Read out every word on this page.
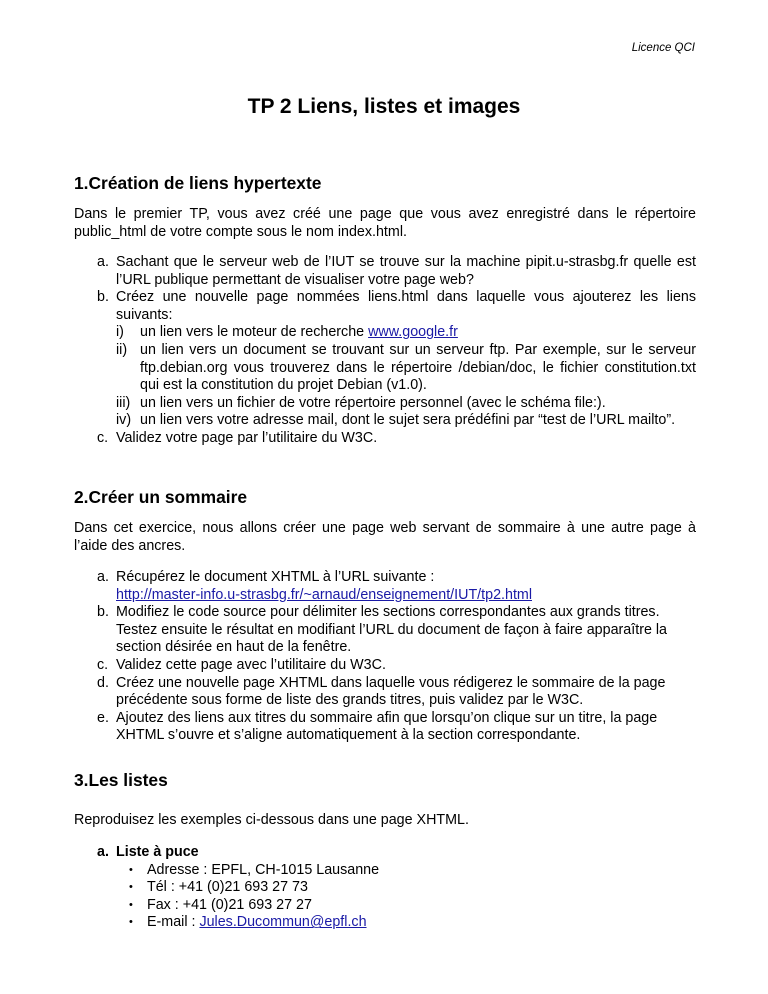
Licence QCI
TP 2 Liens, listes et images
1.Création de liens hypertexte
Dans le premier TP, vous avez créé une page que vous avez enregistré dans le répertoire public_html de votre compte sous le nom index.html.
a. Sachant que le serveur web de l’IUT se trouve sur la machine pipit.u-strasbg.fr quelle est l’URL publique permettant de visualiser votre page web?
b. Créez une nouvelle page nommées liens.html dans laquelle vous ajouterez les liens suivants:
i) un lien vers le moteur de recherche www.google.fr
ii) un lien vers un document se trouvant sur un serveur ftp. Par exemple, sur le serveur ftp.debian.org vous trouverez dans le répertoire /debian/doc, le fichier constitution.txt qui est la constitution du projet Debian (v1.0).
iii) un lien vers un fichier de votre répertoire personnel (avec le schéma file:).
iv) un lien vers votre adresse mail, dont le sujet sera prédéfini par “test de l’URL mailto”.
c. Validez votre page par l’utilitaire du W3C.
2.Créer un sommaire
Dans cet exercice, nous allons créer une page web servant de sommaire à une autre page à l’aide des ancres.
a. Récupérez le document XHTML à l’URL suivante :
http://master-info.u-strasbg.fr/~arnaud/enseignement/IUT/tp2.html
b. Modifiez le code source pour délimiter les sections correspondantes aux grands titres. Testez ensuite le résultat en modifiant l’URL du document de façon à faire apparaître la section désirée en haut de la fenêtre.
c. Validez cette page avec l’utilitaire du W3C.
d. Créez une nouvelle page XHTML dans laquelle vous rédigerez le sommaire de la page précédente sous forme de liste des grands titres, puis validez par le W3C.
e. Ajoutez des liens aux titres du sommaire afin que lorsqu’on clique sur un titre, la page XHTML s’ouvre et s’aligne automatiquement à la section correspondante.
3.Les listes
Reproduisez les exemples ci-dessous dans une page XHTML.
a. Liste à puce
• Adresse : EPFL, CH-1015 Lausanne
• Tél : +41 (0)21 693 27 73
• Fax : +41 (0)21 693 27 27
• E-mail : Jules.Ducommun@epfl.ch
